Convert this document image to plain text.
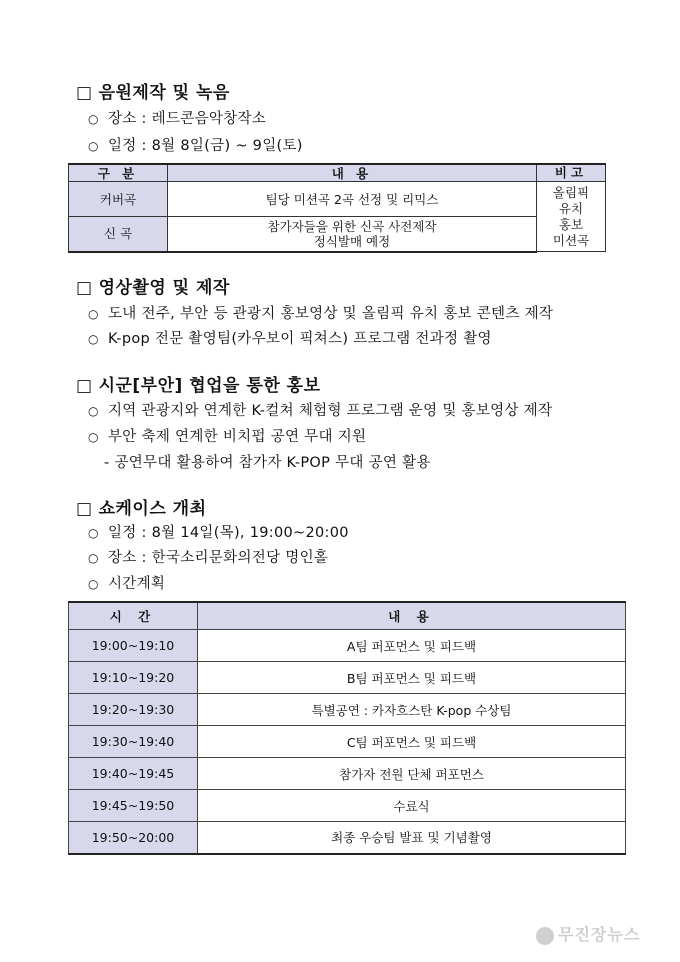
□ 음원제작 및 녹음
○ 장소 : 레드콘음악창작소
○ 일정 : 8월 8일(금) ~ 9일(토)
구 분	내 용	비고
커버곡	팀당 미션곡 2곡 선정 및 리믹스	올림픽
유치
홍보
미션곡

신 곡	참가자들을 위한 신곡 사전제작
정식발매 예정	
□ 영상촬영 및 제작
○ 도내 전주, 부안 등 관광지 홍보영상 및 올림픽 유치 홍보 콘텐츠 제작
○ K-pop 전문 촬영팀(카우보이 픽쳐스) 프로그램 전과정 촬영
□ 시군[부안] 협업을 통한 홍보
○ 지역 관광지와 연계한 K-컬쳐 체험형 프로그램 운영 및 홍보영상 제작
○ 부안 축제 연계한 비치펍 공연 무대 지원
- 공연무대 활용하여 참가자 K-POP 무대 공연 활용
□ 쇼케이스 개최
○ 일정 : 8월 14일(목), 19:00~20:00
○ 장소 : 한국소리문화의전당 명인홀
○ 시간계획
시 간	내 용
19:00~19:10	A팀 퍼포먼스 및 피드백
19:10~19:20	B팀 퍼포먼스 및 피드백
19:20~19:30	특별공연 : 카자흐스탄 K-pop 수상팀
19:30~19:40	C팀 퍼포먼스 및 피드백
19:40~19:45	참가자 전원 단체 퍼포먼스
19:45~19:50	수료식
19:50~20:00	최종 우승팀 발표 및 기념촬영
무진장뉴스
